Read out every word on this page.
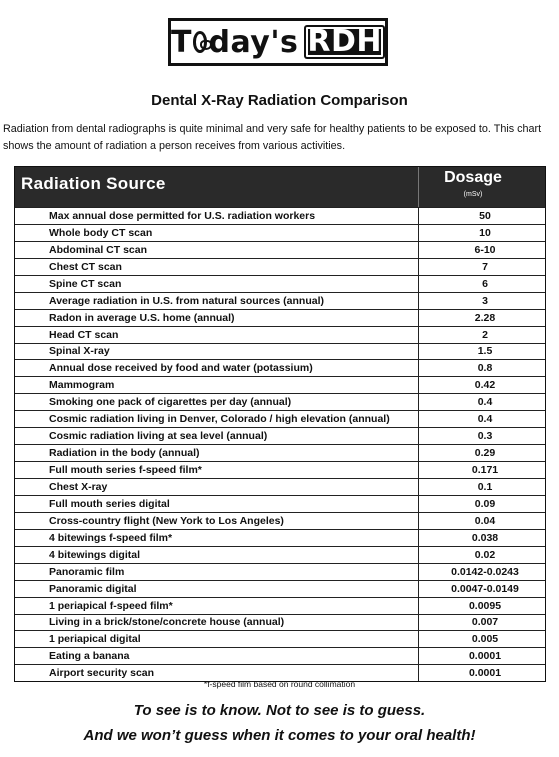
T day's RDH
Dental X-Ray Radiation Comparison
Radiation from dental radiographs is quite minimal and very safe for healthy patients to be exposed to. This chart shows the amount of radiation a person receives from various activities.
Radiation Source	Dosage
(mSv)
Max annual dose permitted for U.S. radiation workers	50
Whole body CT scan	10
Abdominal CT scan	6-10
Chest CT scan	7
Spine CT scan	6
Average radiation in U.S. from natural sources (annual)	3
Radon in average U.S. home (annual)	2.28
Head CT scan	2
Spinal X-ray	1.5
Annual dose received by food and water (potassium)	0.8
Mammogram	0.42
Smoking one pack of cigarettes per day (annual)	0.4
Cosmic radiation living in Denver, Colorado / high elevation (annual)	0.4
Cosmic radiation living at sea level (annual)	0.3
Radiation in the body (annual)	0.29
Full mouth series f-speed film*	0.171
Chest X-ray	0.1
Full mouth series digital	0.09
Cross-country flight (New York to Los Angeles)	0.04
4 bitewings f-speed film*	0.038
4 bitewings digital	0.02
Panoramic film	0.0142-0.0243
Panoramic digital	0.0047-0.0149
1 periapical f-speed film*	0.0095
Living in a brick/stone/concrete house (annual)	0.007
1 periapical digital	0.005
Eating a banana	0.0001
Airport security scan	0.0001
*f-speed film based on round collimation
To see is to know. Not to see is to guess.
And we won’t guess when it comes to your oral health!
